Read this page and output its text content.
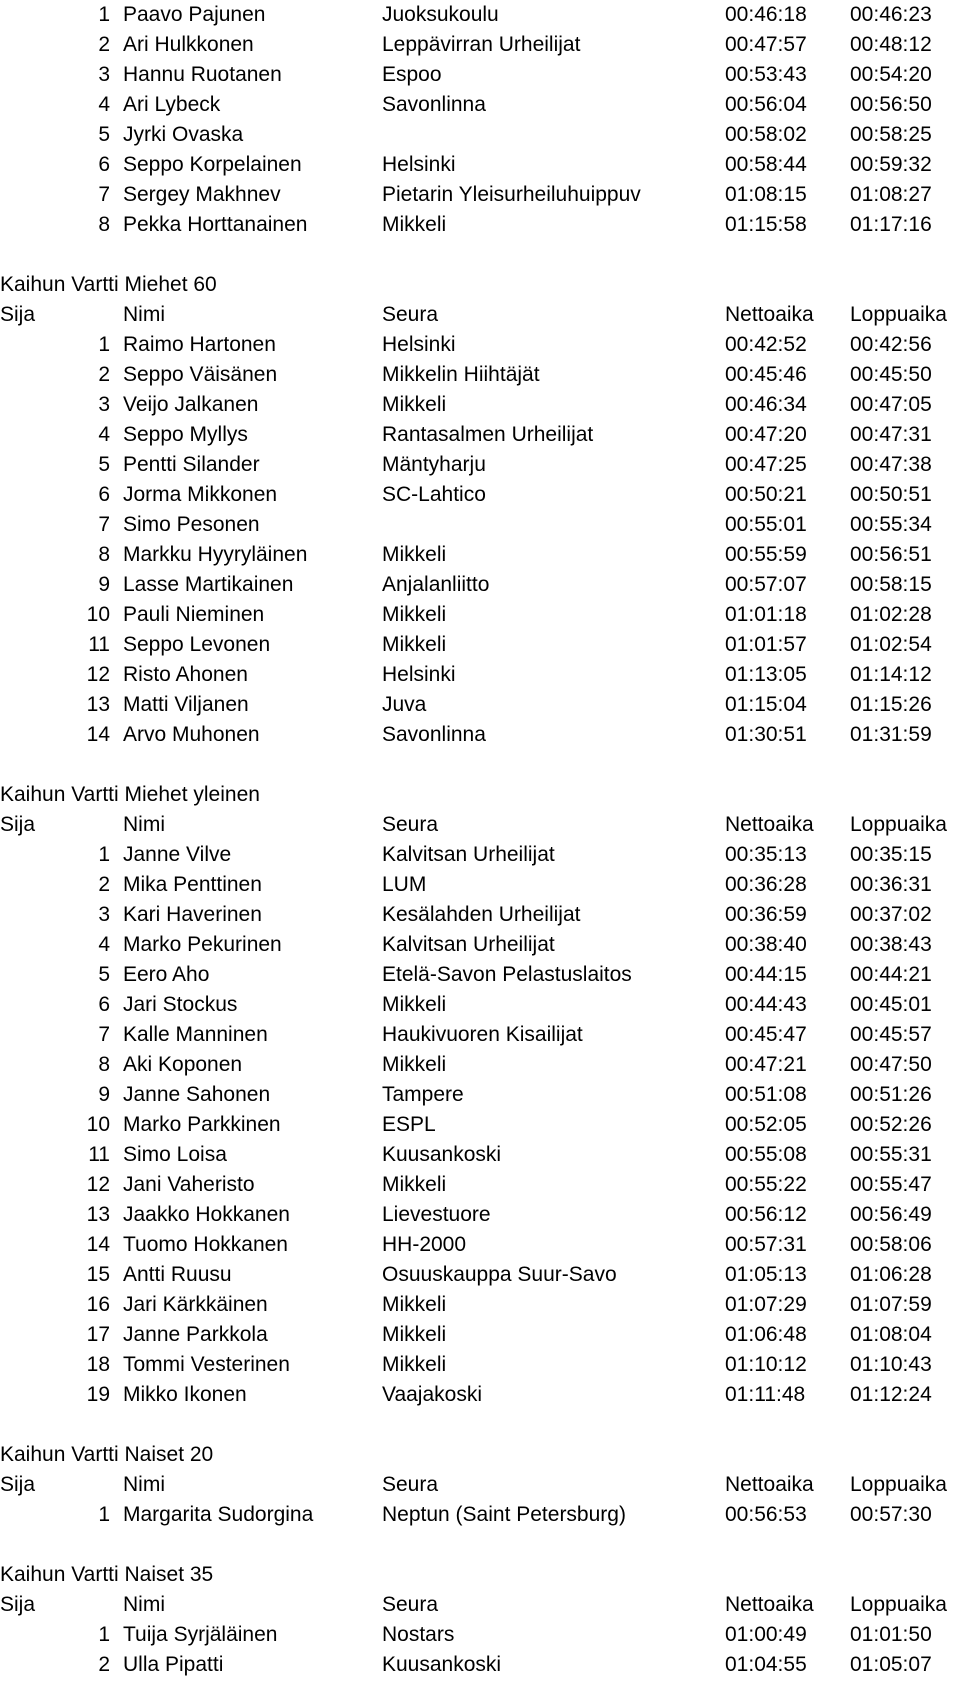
1 Paavo Pajunen	Juoksukoulu	00:46:18 00:46:23
2 Ari Hulkkonen	Leppävirran Urheilijat	00:47:57 00:48:12
3 Hannu Ruotanen	Espoo	00:53:43 00:54:20
4 Ari Lybeck	Savonlinna	00:56:04 00:56:50
5 Jyrki Ovaska	00:58:02 00:58:25
6 Seppo Korpelainen	Helsinki	00:58:44 00:59:32
7 Sergey Makhnev	Pietarin Yleisurheiluhuippuv	01:08:15 01:08:27
8 Pekka Horttanainen	Mikkeli	01:15:58 01:17:16
Kaihun Vartti Miehet 60
Sija	Nimi	Seura	Nettoaika Loppuaika
1 Raimo Hartonen	Helsinki	00:42:52 00:42:56
2 Seppo Väisänen	Mikkelin Hiihtäjät	00:45:46 00:45:50
3 Veijo Jalkanen	Mikkeli	00:46:34 00:47:05
4 Seppo Myllys	Rantasalmen Urheilijat	00:47:20 00:47:31
5 Pentti Silander	Mäntyharju	00:47:25 00:47:38
6 Jorma Mikkonen	SC-Lahtico	00:50:21 00:50:51
7 Simo Pesonen	00:55:01 00:55:34
8 Markku Hyyryläinen	Mikkeli	00:55:59 00:56:51
9 Lasse Martikainen	Anjalanliitto	00:57:07 00:58:15
10 Pauli Nieminen	Mikkeli	01:01:18 01:02:28
11 Seppo Levonen	Mikkeli	01:01:57 01:02:54
12 Risto Ahonen	Helsinki	01:13:05 01:14:12
13 Matti Viljanen	Juva	01:15:04 01:15:26
14 Arvo Muhonen	Savonlinna	01:30:51 01:31:59
Kaihun Vartti Miehet yleinen
Sija	Nimi	Seura	Nettoaika Loppuaika
1 Janne Vilve	Kalvitsan Urheilijat	00:35:13 00:35:15
2 Mika Penttinen	LUM	00:36:28 00:36:31
3 Kari Haverinen	Kesälahden Urheilijat	00:36:59 00:37:02
4 Marko Pekurinen	Kalvitsan Urheilijat	00:38:40 00:38:43
5 Eero Aho	Etelä-Savon Pelastuslaitos	00:44:15 00:44:21
6 Jari Stockus	Mikkeli	00:44:43 00:45:01
7 Kalle Manninen	Haukivuoren Kisailijat	00:45:47 00:45:57
8 Aki Koponen	Mikkeli	00:47:21 00:47:50
9 Janne Sahonen	Tampere	00:51:08 00:51:26
10 Marko Parkkinen	ESPL	00:52:05 00:52:26
11 Simo Loisa	Kuusankoski	00:55:08 00:55:31
12 Jani Vaheristo	Mikkeli	00:55:22 00:55:47
13 Jaakko Hokkanen	Lievestuore	00:56:12 00:56:49
14 Tuomo Hokkanen	HH-2000	00:57:31 00:58:06
15 Antti Ruusu	Osuuskauppa Suur-Savo	01:05:13 01:06:28
16 Jari Kärkkäinen	Mikkeli	01:07:29 01:07:59
17 Janne Parkkola	Mikkeli	01:06:48 01:08:04
18 Tommi Vesterinen	Mikkeli	01:10:12 01:10:43
19 Mikko Ikonen	Vaajakoski	01:11:48 01:12:24
Kaihun Vartti Naiset 20
Sija	Nimi	Seura	Nettoaika Loppuaika
1 Margarita Sudorgina	Neptun (Saint Petersburg)	00:56:53 00:57:30
Kaihun Vartti Naiset 35
Sija	Nimi	Seura	Nettoaika Loppuaika
1 Tuija Syrjäläinen	Nostars	01:00:49 01:01:50
2 Ulla Pipatti	Kuusankoski	01:04:55 01:05:07
